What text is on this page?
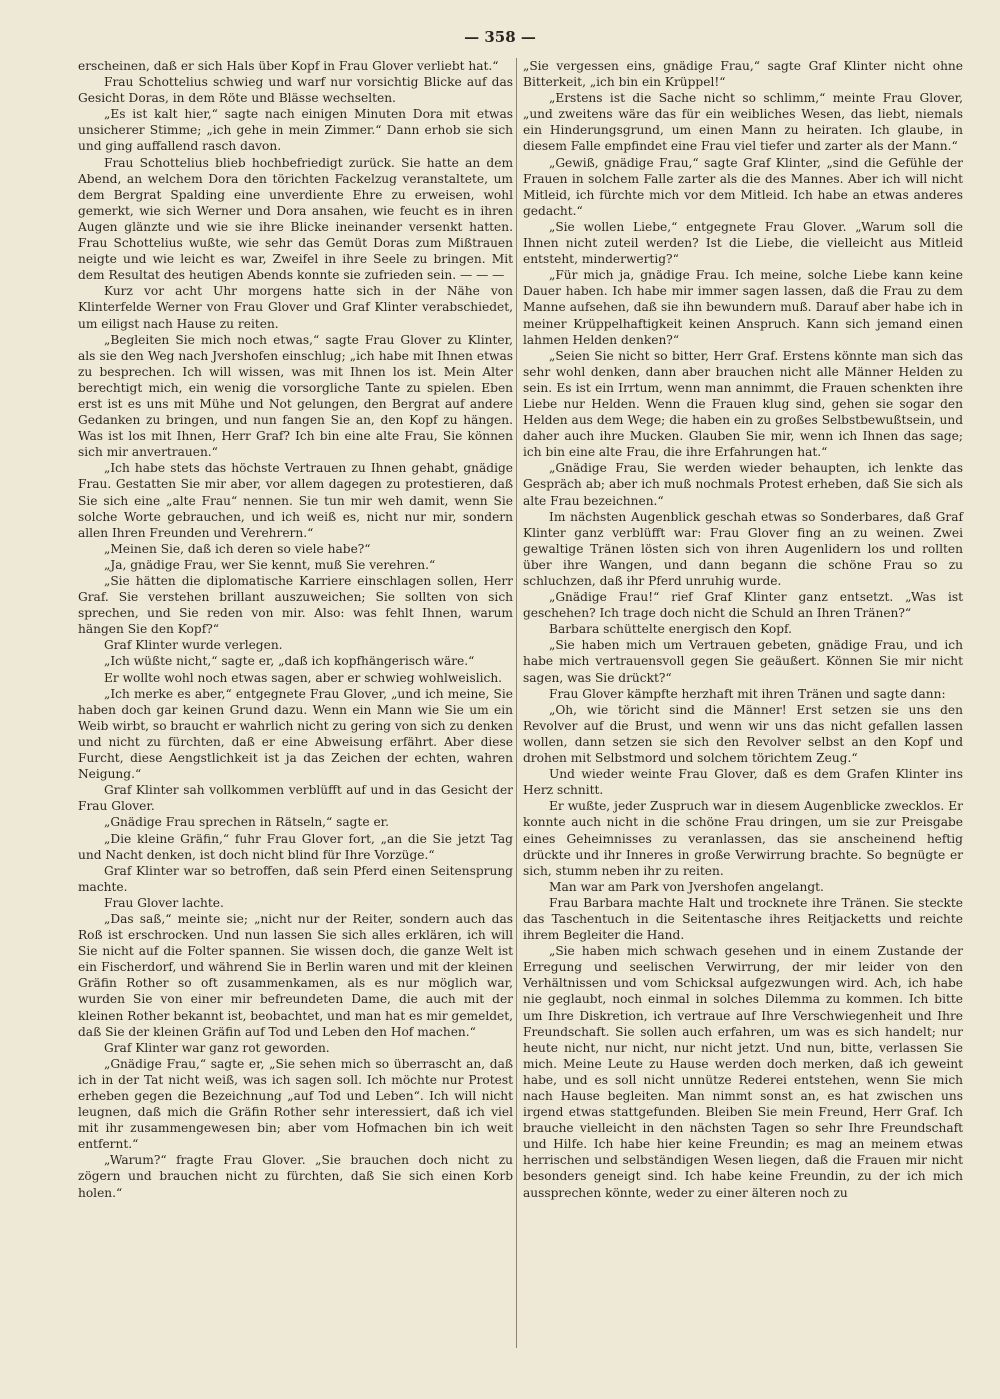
— 358 —

erscheinen, daß er sich Hals über Kopf in Frau Glover verliebt hat.“

Frau Schottelius schwieg und warf nur vorsichtig Blicke auf das Gesicht Doras, in dem Röte und Blässe wechselten.

„Es ist kalt hier,“ sagte nach einigen Minuten Dora mit etwas unsicherer Stimme; „ich gehe in mein Zimmer.“ Dann erhob sie sich und ging auffallend rasch davon.

Frau Schottelius blieb hochbefriedigt zurück. Sie hatte an dem Abend, an welchem Dora den törichten Fackelzug veranstaltete, um dem Bergrat Spalding eine unverdiente Ehre zu erweisen, wohl gemerkt, wie sich Werner und Dora ansahen, wie feucht es in ihren Augen glänzte und wie sie ihre Blicke ineinander versenkt hatten. Frau Schottelius wußte, wie sehr das Gemüt Doras zum Mißtrauen neigte und wie leicht es war, Zweifel in ihre Seele zu bringen. Mit dem Resultat des heutigen Abends konnte sie zufrieden sein. — — —

Kurz vor acht Uhr morgens hatte sich in der Nähe von Klinterfelde Werner von Frau Glover und Graf Klinter verabschiedet, um eiligst nach Hause zu reiten.

„Begleiten Sie mich noch etwas,“ sagte Frau Glover zu Klinter, als sie den Weg nach Jvershofen einschlug; „ich habe mit Ihnen etwas zu besprechen. Ich will wissen, was mit Ihnen los ist. Mein Alter berechtigt mich, ein wenig die vorsorgliche Tante zu spielen. Eben erst ist es uns mit Mühe und Not gelungen, den Bergrat auf andere Gedanken zu bringen, und nun fangen Sie an, den Kopf zu hängen. Was ist los mit Ihnen, Herr Graf? Ich bin eine alte Frau, Sie können sich mir anvertrauen.“

„Ich habe stets das höchste Vertrauen zu Ihnen gehabt, gnädige Frau. Gestatten Sie mir aber, vor allem dagegen zu protestieren, daß Sie sich eine „alte Frau“ nennen. Sie tun mir weh damit, wenn Sie solche Worte gebrauchen, und ich weiß es, nicht nur mir, sondern allen Ihren Freunden und Verehrern.“

„Meinen Sie, daß ich deren so viele habe?“

„Ja, gnädige Frau, wer Sie kennt, muß Sie verehren.“

„Sie hätten die diplomatische Karriere einschlagen sollen, Herr Graf. Sie verstehen brillant auszuweichen; Sie sollten von sich sprechen, und Sie reden von mir. Also: was fehlt Ihnen, warum hängen Sie den Kopf?“

Graf Klinter wurde verlegen.

„Ich wüßte nicht,“ sagte er, „daß ich kopfhängerisch wäre.“

Er wollte wohl noch etwas sagen, aber er schwieg wohlweislich.

„Ich merke es aber,“ entgegnete Frau Glover, „und ich meine, Sie haben doch gar keinen Grund dazu. Wenn ein Mann wie Sie um ein Weib wirbt, so braucht er wahrlich nicht zu gering von sich zu denken und nicht zu fürchten, daß er eine Abweisung erfährt. Aber diese Furcht, diese Aengstlichkeit ist ja das Zeichen der echten, wahren Neigung.“

Graf Klinter sah vollkommen verblüfft auf und in das Gesicht der Frau Glover.

„Gnädige Frau sprechen in Rätseln,“ sagte er.

„Die kleine Gräfin,“ fuhr Frau Glover fort, „an die Sie jetzt Tag und Nacht denken, ist doch nicht blind für Ihre Vorzüge.“

Graf Klinter war so betroffen, daß sein Pferd einen Seitensprung machte.

Frau Glover lachte.

„Das saß,“ meinte sie; „nicht nur der Reiter, sondern auch das Roß ist erschrocken. Und nun lassen Sie sich alles erklären, ich will Sie nicht auf die Folter spannen. Sie wissen doch, die ganze Welt ist ein Fischerdorf, und während Sie in Berlin waren und mit der kleinen Gräfin Rother so oft zusammenkamen, als es nur möglich war, wurden Sie von einer mir befreundeten Dame, die auch mit der kleinen Rother bekannt ist, beobachtet, und man hat es mir gemeldet, daß Sie der kleinen Gräfin auf Tod und Leben den Hof machen.“

Graf Klinter war ganz rot geworden.

„Gnädige Frau,“ sagte er, „Sie sehen mich so überrascht an, daß ich in der Tat nicht weiß, was ich sagen soll. Ich möchte nur Protest erheben gegen die Bezeichnung „auf Tod und Leben“. Ich will nicht leugnen, daß mich die Gräfin Rother sehr interessiert, daß ich viel mit ihr zusammengewesen bin; aber vom Hofmachen bin ich weit entfernt.“

„Warum?“ fragte Frau Glover. „Sie brauchen doch nicht zu zögern und brauchen nicht zu fürchten, daß Sie sich einen Korb holen.“

„Sie vergessen eins, gnädige Frau,“ sagte Graf Klinter nicht ohne Bitterkeit, „ich bin ein Krüppel!“

„Erstens ist die Sache nicht so schlimm,“ meinte Frau Glover, „und zweitens wäre das für ein weibliches Wesen, das liebt, niemals ein Hinderungsgrund, um einen Mann zu heiraten. Ich glaube, in diesem Falle empfindet eine Frau viel tiefer und zarter als der Mann.“

„Gewiß, gnädige Frau,“ sagte Graf Klinter, „sind die Gefühle der Frauen in solchem Falle zarter als die des Mannes. Aber ich will nicht Mitleid, ich fürchte mich vor dem Mitleid. Ich habe an etwas anderes gedacht.“

„Sie wollen Liebe,“ entgegnete Frau Glover. „Warum soll die Ihnen nicht zuteil werden? Ist die Liebe, die vielleicht aus Mitleid entsteht, minderwertig?“

„Für mich ja, gnädige Frau. Ich meine, solche Liebe kann keine Dauer haben. Ich habe mir immer sagen lassen, daß die Frau zu dem Manne aufsehen, daß sie ihn bewundern muß. Darauf aber habe ich in meiner Krüppelhaftigkeit keinen Anspruch. Kann sich jemand einen lahmen Helden denken?“

„Seien Sie nicht so bitter, Herr Graf. Erstens könnte man sich das sehr wohl denken, dann aber brauchen nicht alle Männer Helden zu sein. Es ist ein Irrtum, wenn man annimmt, die Frauen schenkten ihre Liebe nur Helden. Wenn die Frauen klug sind, gehen sie sogar den Helden aus dem Wege; die haben ein zu großes Selbstbewußtsein, und daher auch ihre Mucken. Glauben Sie mir, wenn ich Ihnen das sage; ich bin eine alte Frau, die ihre Erfahrungen hat.“

„Gnädige Frau, Sie werden wieder behaupten, ich lenkte das Gespräch ab; aber ich muß nochmals Protest erheben, daß Sie sich als alte Frau bezeichnen.“

Im nächsten Augenblick geschah etwas so Sonderbares, daß Graf Klinter ganz verblüfft war: Frau Glover fing an zu weinen. Zwei gewaltige Tränen lösten sich von ihren Augenlidern los und rollten über ihre Wangen, und dann begann die schöne Frau so zu schluchzen, daß ihr Pferd unruhig wurde.

„Gnädige Frau!“ rief Graf Klinter ganz entsetzt. „Was ist geschehen? Ich trage doch nicht die Schuld an Ihren Tränen?“

Barbara schüttelte energisch den Kopf.

„Sie haben mich um Vertrauen gebeten, gnädige Frau, und ich habe mich vertrauensvoll gegen Sie geäußert. Können Sie mir nicht sagen, was Sie drückt?“

Frau Glover kämpfte herzhaft mit ihren Tränen und sagte dann:

„Oh, wie töricht sind die Männer! Erst setzen sie uns den Revolver auf die Brust, und wenn wir uns das nicht gefallen lassen wollen, dann setzen sie sich den Revolver selbst an den Kopf und drohen mit Selbstmord und solchem törichtem Zeug.“

Und wieder weinte Frau Glover, daß es dem Grafen Klinter ins Herz schnitt.

Er wußte, jeder Zuspruch war in diesem Augenblicke zwecklos. Er konnte auch nicht in die schöne Frau dringen, um sie zur Preisgabe eines Geheimnisses zu veranlassen, das sie anscheinend heftig drückte und ihr Inneres in große Verwirrung brachte. So begnügte er sich, stumm neben ihr zu reiten.

Man war am Park von Jvershofen angelangt.

Frau Barbara machte Halt und trocknete ihre Tränen. Sie steckte das Taschentuch in die Seitentasche ihres Reitjacketts und reichte ihrem Begleiter die Hand.

„Sie haben mich schwach gesehen und in einem Zustande der Erregung und seelischen Verwirrung, der mir leider von den Verhältnissen und vom Schicksal aufgezwungen wird. Ach, ich habe nie geglaubt, noch einmal in solches Dilemma zu kommen. Ich bitte um Ihre Diskretion, ich vertraue auf Ihre Verschwiegenheit und Ihre Freundschaft. Sie sollen auch erfahren, um was es sich handelt; nur heute nicht, nur nicht, nur nicht jetzt. Und nun, bitte, verlassen Sie mich. Meine Leute zu Hause werden doch merken, daß ich geweint habe, und es soll nicht unnütze Rederei entstehen, wenn Sie mich nach Hause begleiten. Man nimmt sonst an, es hat zwischen uns irgend etwas stattgefunden. Bleiben Sie mein Freund, Herr Graf. Ich brauche vielleicht in den nächsten Tagen so sehr Ihre Freundschaft und Hilfe. Ich habe hier keine Freundin; es mag an meinem etwas herrischen und selbständigen Wesen liegen, daß die Frauen mir nicht besonders geneigt sind. Ich habe keine Freundin, zu der ich mich aussprechen könnte, weder zu einer älteren noch zu
